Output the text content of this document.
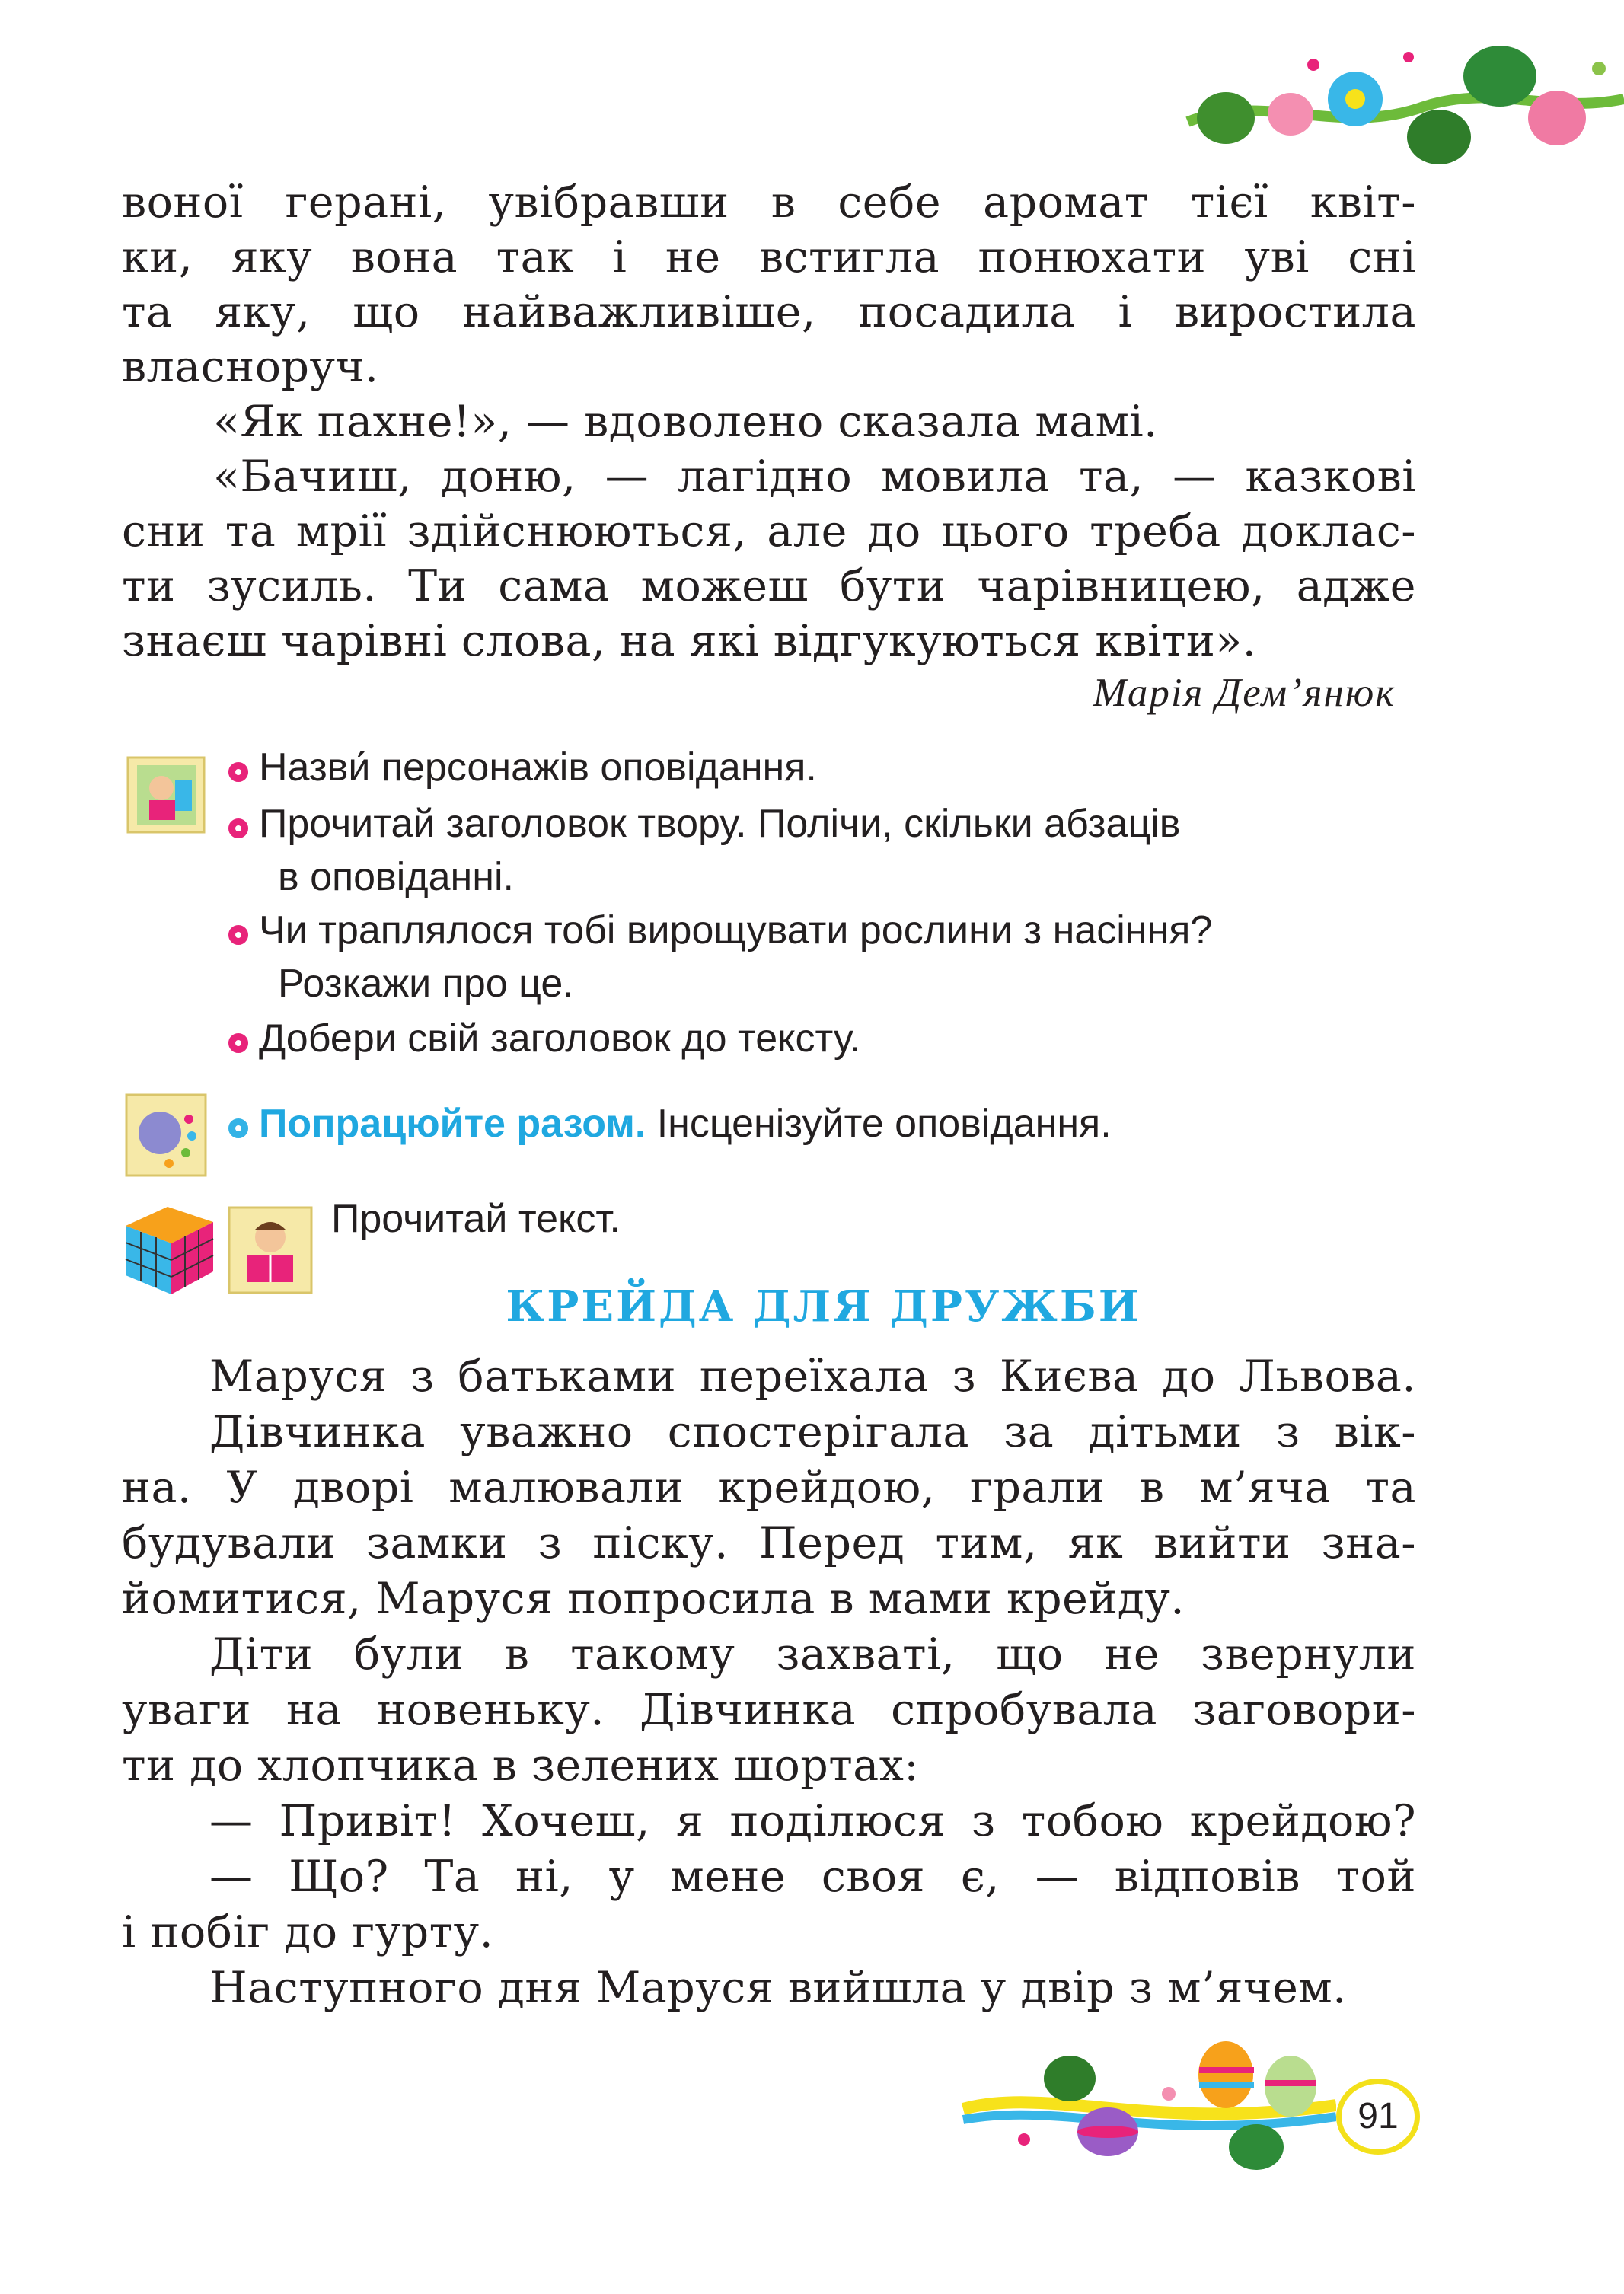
вонoї герані, увібравши в себе аромат тієї квіт-
ки, яку вона так і не встигла понюхати уві сні
та яку, що найважливіше, посадила і виростила
власноруч.
«Як пахне!», — вдоволено сказала мамі.
«Бачиш, доню, — лагідно мовила та, — казкові
сни та мрії здійснюються, але до цього треба доклас-
ти зусиль. Ти сама можеш бути чарівницею, адже
знаєш чарівні слова, на які відгукуються квіти».
Марія Дем’янюк
Назви́ персонажів оповідання.
Прочитай заголовок твору. Полічи, скільки абзаців
в оповіданні.
Чи траплялося тобі вирощувати рослини з насіння?
Розкажи про це.
Добери свій заголовок до тексту.
Попрацюйте разом. Інсценізуйте оповідання.
Прочитай текст.
КРЕЙДА ДЛЯ ДРУЖБИ
Маруся з батьками переїхала з Києва до Львова.
Дівчинка уважно спостерігала за дітьми з вік-
на. У дворі малювали крейдою, грали в м’яча та
будували замки з піску. Перед тим, як вийти зна-
йомитися, Маруся попросила в мами крейду.
Діти були в такому захваті, що не звернули
уваги на новеньку. Дівчинка спробувала заговори-
ти до хлопчика в зелених шортах:
— Привіт! Хочеш, я поділюся з тобою крейдою?
— Що? Та ні, у мене своя є, — відповів той
і побіг до гурту.
Наступного дня Маруся вийшла у двір з м’ячем.
91
